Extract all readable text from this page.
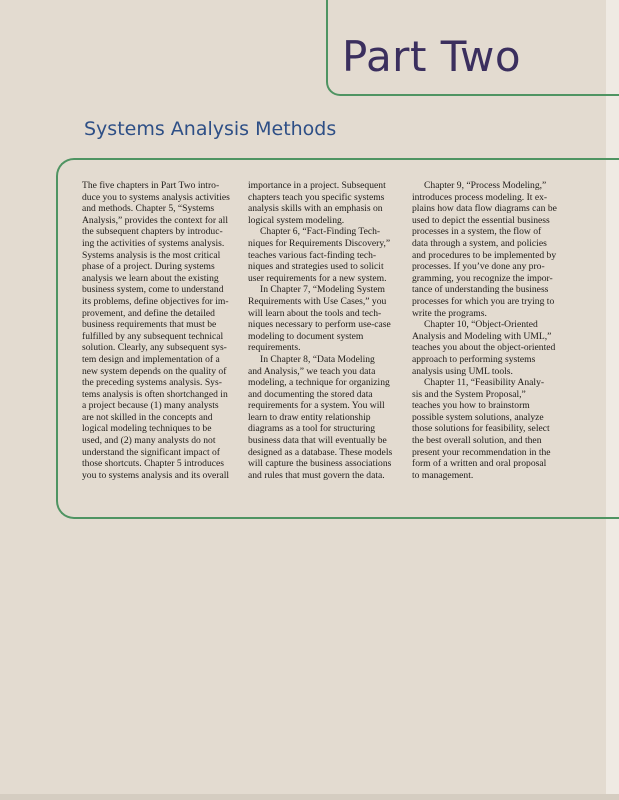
Part Two
Systems Analysis Methods

The five chapters in Part Two intro-
duce you to systems analysis activities
and methods. Chapter 5, “Systems
Analysis,” provides the context for all
the subsequent chapters by introduc-
ing the activities of systems analysis.
Systems analysis is the most critical
phase of a project. During systems
analysis we learn about the existing
business system, come to understand
its problems, define objectives for im-
provement, and define the detailed
business requirements that must be
fulfilled by any subsequent technical
solution. Clearly, any subsequent sys-
tem design and implementation of a
new system depends on the quality of
the preceding systems analysis. Sys-
tems analysis is often shortchanged in
a project because (1) many analysts
are not skilled in the concepts and
logical modeling techniques to be
used, and (2) many analysts do not
understand the significant impact of
those shortcuts. Chapter 5 introduces
you to systems analysis and its overall

importance in a project. Subsequent
chapters teach you specific systems
analysis skills with an emphasis on
logical system modeling.

Chapter 6, “Fact-Finding Tech-
niques for Requirements Discovery,”
teaches various fact-finding tech-
niques and strategies used to solicit
user requirements for a new system.

In Chapter 7, “Modeling System
Requirements with Use Cases,” you
will learn about the tools and tech-
niques necessary to perform use-case
modeling to document system
requirements.

In Chapter 8, “Data Modeling
and Analysis,” we teach you data
modeling, a technique for organizing
and documenting the stored data
requirements for a system. You will
learn to draw entity relationship
diagrams as a tool for structuring
business data that will eventually be
designed as a database. These models
will capture the business associations
and rules that must govern the data.

Chapter 9, “Process Modeling,”
introduces process modeling. It ex-
plains how data flow diagrams can be
used to depict the essential business
processes in a system, the flow of
data through a system, and policies
and procedures to be implemented by
processes. If you’ve done any pro-
gramming, you recognize the impor-
tance of understanding the business
processes for which you are trying to
write the programs.

Chapter 10, “Object-Oriented
Analysis and Modeling with UML,”
teaches you about the object-oriented
approach to performing systems
analysis using UML tools.

Chapter 11, “Feasibility Analy-
sis and the System Proposal,”
teaches you how to brainstorm
possible system solutions, analyze
those solutions for feasibility, select
the best overall solution, and then
present your recommendation in the
form of a written and oral proposal
to management.
